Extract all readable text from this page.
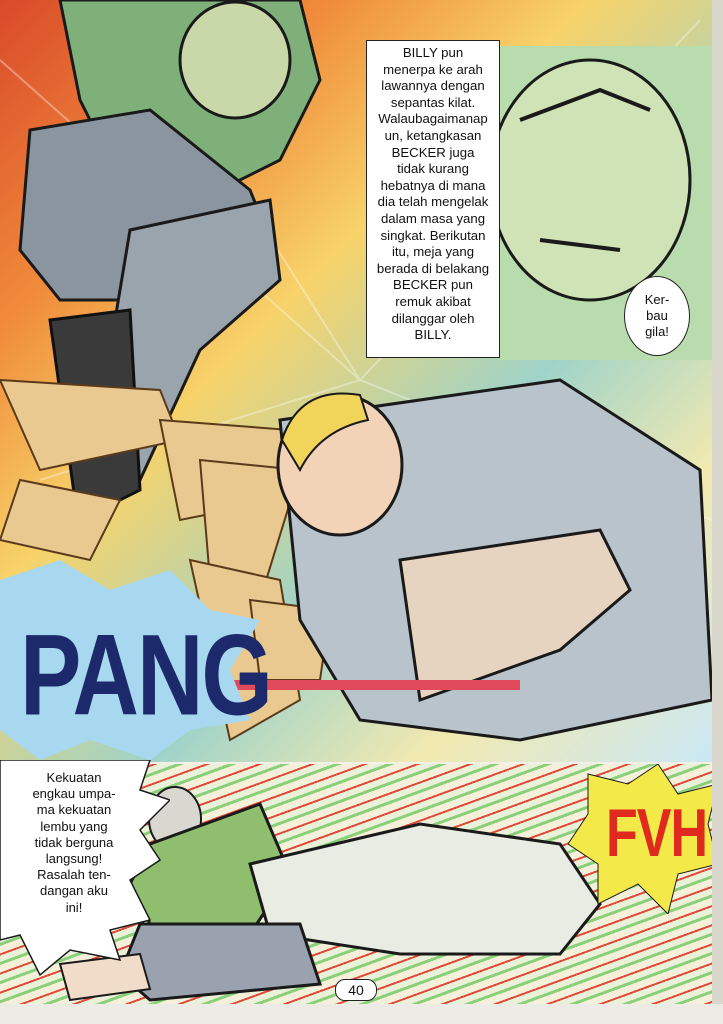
BILLY pun
menerpa ke arah
lawannya dengan
sepantas kilat.
Walaubagaimanap
un, ketangkasan
BECKER juga
tidak kurang
hebatnya di mana
dia telah mengelak
dalam masa yang
singkat. Berikutan
itu, meja yang
berada di belakang
BECKER pun
remuk akibat
dilanggar oleh
BILLY.
Ker-
bau
gila!
PANG
Kekuatan
engkau umpa-
ma kekuatan
lembu yang
tidak berguna
langsung!
Rasalah ten-
dangan aku
ini!
FVH
40
